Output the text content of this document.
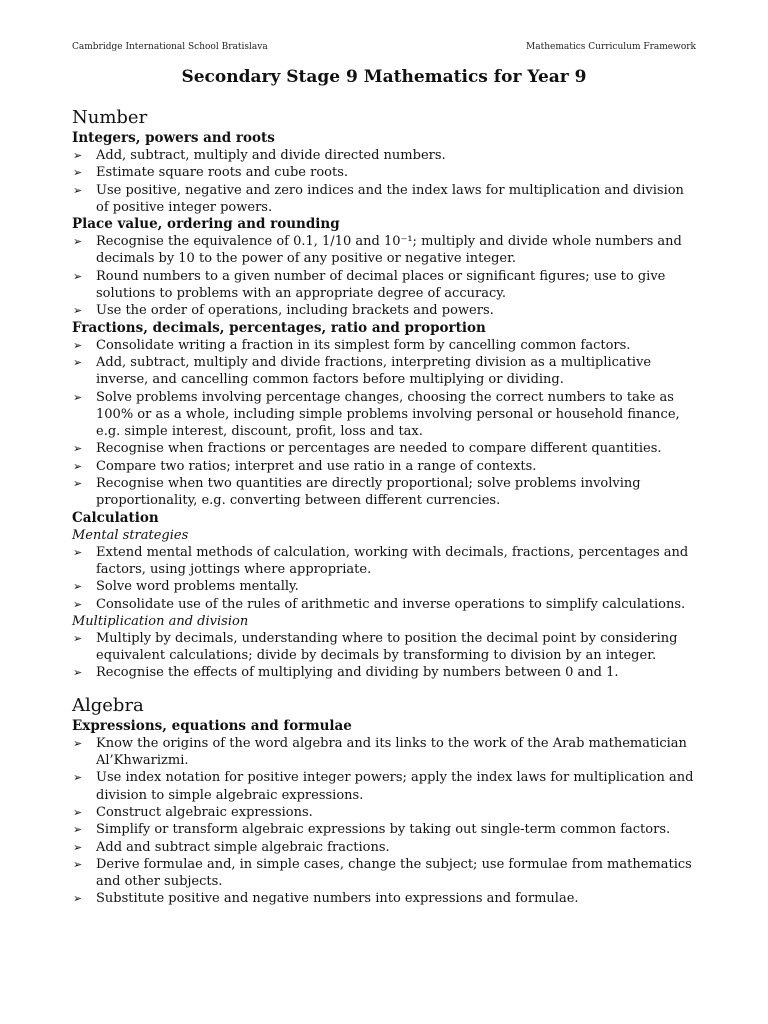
Cambridge International School Bratislava	Mathematics Curriculum Framework
Secondary Stage 9 Mathematics for Year 9
Number
Integers, powers and roots
➢ Add, subtract, multiply and divide directed numbers.
➢ Estimate square roots and cube roots.
➢ Use positive, negative and zero indices and the index laws for multiplication and division of positive integer powers.
Place value, ordering and rounding
➢ Recognise the equivalence of 0.1, 1/10 and 10⁻¹; multiply and divide whole numbers and decimals by 10 to the power of any positive or negative integer.
➢ Round numbers to a given number of decimal places or significant figures; use to give solutions to problems with an appropriate degree of accuracy.
➢ Use the order of operations, including brackets and powers.
Fractions, decimals, percentages, ratio and proportion
➢ Consolidate writing a fraction in its simplest form by cancelling common factors.
➢ Add, subtract, multiply and divide fractions, interpreting division as a multiplicative inverse, and cancelling common factors before multiplying or dividing.
➢ Solve problems involving percentage changes, choosing the correct numbers to take as 100% or as a whole, including simple problems involving personal or household finance, e.g. simple interest, discount, profit, loss and tax.
➢ Recognise when fractions or percentages are needed to compare different quantities.
➢ Compare two ratios; interpret and use ratio in a range of contexts.
➢ Recognise when two quantities are directly proportional; solve problems involving proportionality, e.g. converting between different currencies.
Calculation
Mental strategies
➢ Extend mental methods of calculation, working with decimals, fractions, percentages and factors, using jottings where appropriate.
➢ Solve word problems mentally.
➢ Consolidate use of the rules of arithmetic and inverse operations to simplify calculations.
Multiplication and division
➢ Multiply by decimals, understanding where to position the decimal point by considering equivalent calculations; divide by decimals by transforming to division by an integer.
➢ Recognise the effects of multiplying and dividing by numbers between 0 and 1.
Algebra
Expressions, equations and formulae
➢ Know the origins of the word algebra and its links to the work of the Arab mathematician Al’Khwarizmi.
➢ Use index notation for positive integer powers; apply the index laws for multiplication and division to simple algebraic expressions.
➢ Construct algebraic expressions.
➢ Simplify or transform algebraic expressions by taking out single-term common factors.
➢ Add and subtract simple algebraic fractions.
➢ Derive formulae and, in simple cases, change the subject; use formulae from mathematics and other subjects.
➢ Substitute positive and negative numbers into expressions and formulae.
